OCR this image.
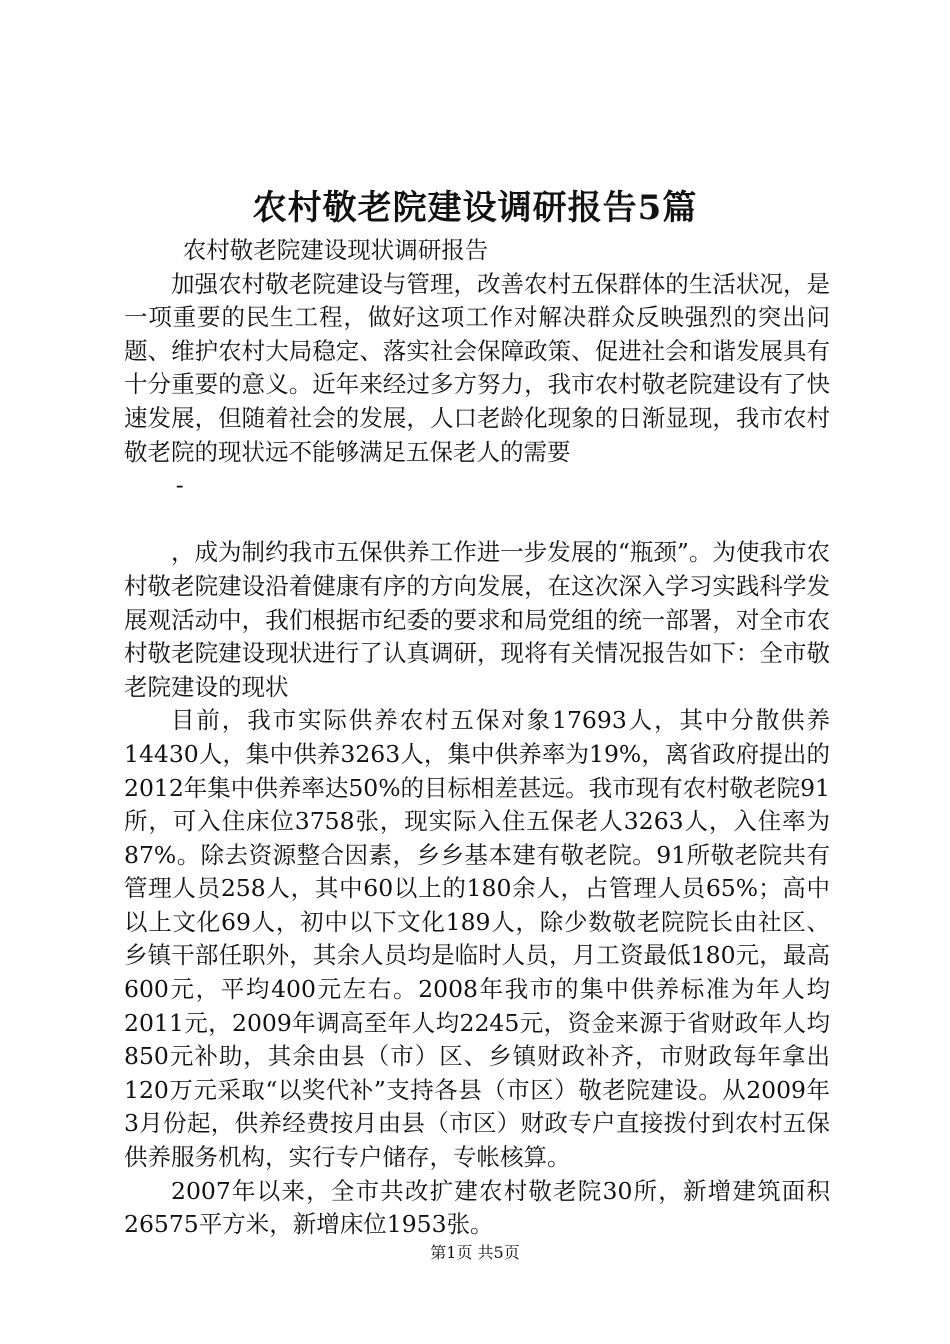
农村敬老院建设调研报告5篇

农村敬老院建设现状调研报告

加强农村敬老院建设与管理，改善农村五保群体的生活状况，是一项重要的民生工程，做好这项工作对解决群众反映强烈的突出问题、维护农村大局稳定、落实社会保障政策、促进社会和谐发展具有十分重要的意义。近年来经过多方努力，我市农村敬老院建设有了快速发展，但随着社会的发展，人口老龄化现象的日渐显现，我市农村敬老院的现状远不能够满足五保老人的需要

-

，成为制约我市五保供养工作进一步发展的“瓶颈”。为使我市农村敬老院建设沿着健康有序的方向发展，在这次深入学习实践科学发展观活动中，我们根据市纪委的要求和局党组的统一部署，对全市农村敬老院建设现状进行了认真调研，现将有关情况报告如下：全市敬老院建设的现状

目前，我市实际供养农村五保对象17693人，其中分散供养14430人，集中供养3263人，集中供养率为19%，离省政府提出的2012年集中供养率达50%的目标相差甚远。我市现有农村敬老院91所，可入住床位3758张，现实际入住五保老人3263人，入住率为87%。除去资源整合因素，乡乡基本建有敬老院。91所敬老院共有管理人员258人，其中60以上的180余人，占管理人员65%；高中以上文化69人，初中以下文化189人，除少数敬老院院长由社区、乡镇干部任职外，其余人员均是临时人员，月工资最低180元，最高600元，平均400元左右。2008年我市的集中供养标准为年人均2011元，2009年调高至年人均2245元，资金来源于省财政年人均850元补助，其余由县（市）区、乡镇财政补齐，市财政每年拿出120万元采取“以奖代补”支持各县（市区）敬老院建设。从2009年3月份起，供养经费按月由县（市区）财政专户直接拨付到农村五保供养服务机构，实行专户储存，专帐核算。

2007年以来，全市共改扩建农村敬老院30所，新增建筑面积26575平方米，新增床位1953张。

第1页 共5页
